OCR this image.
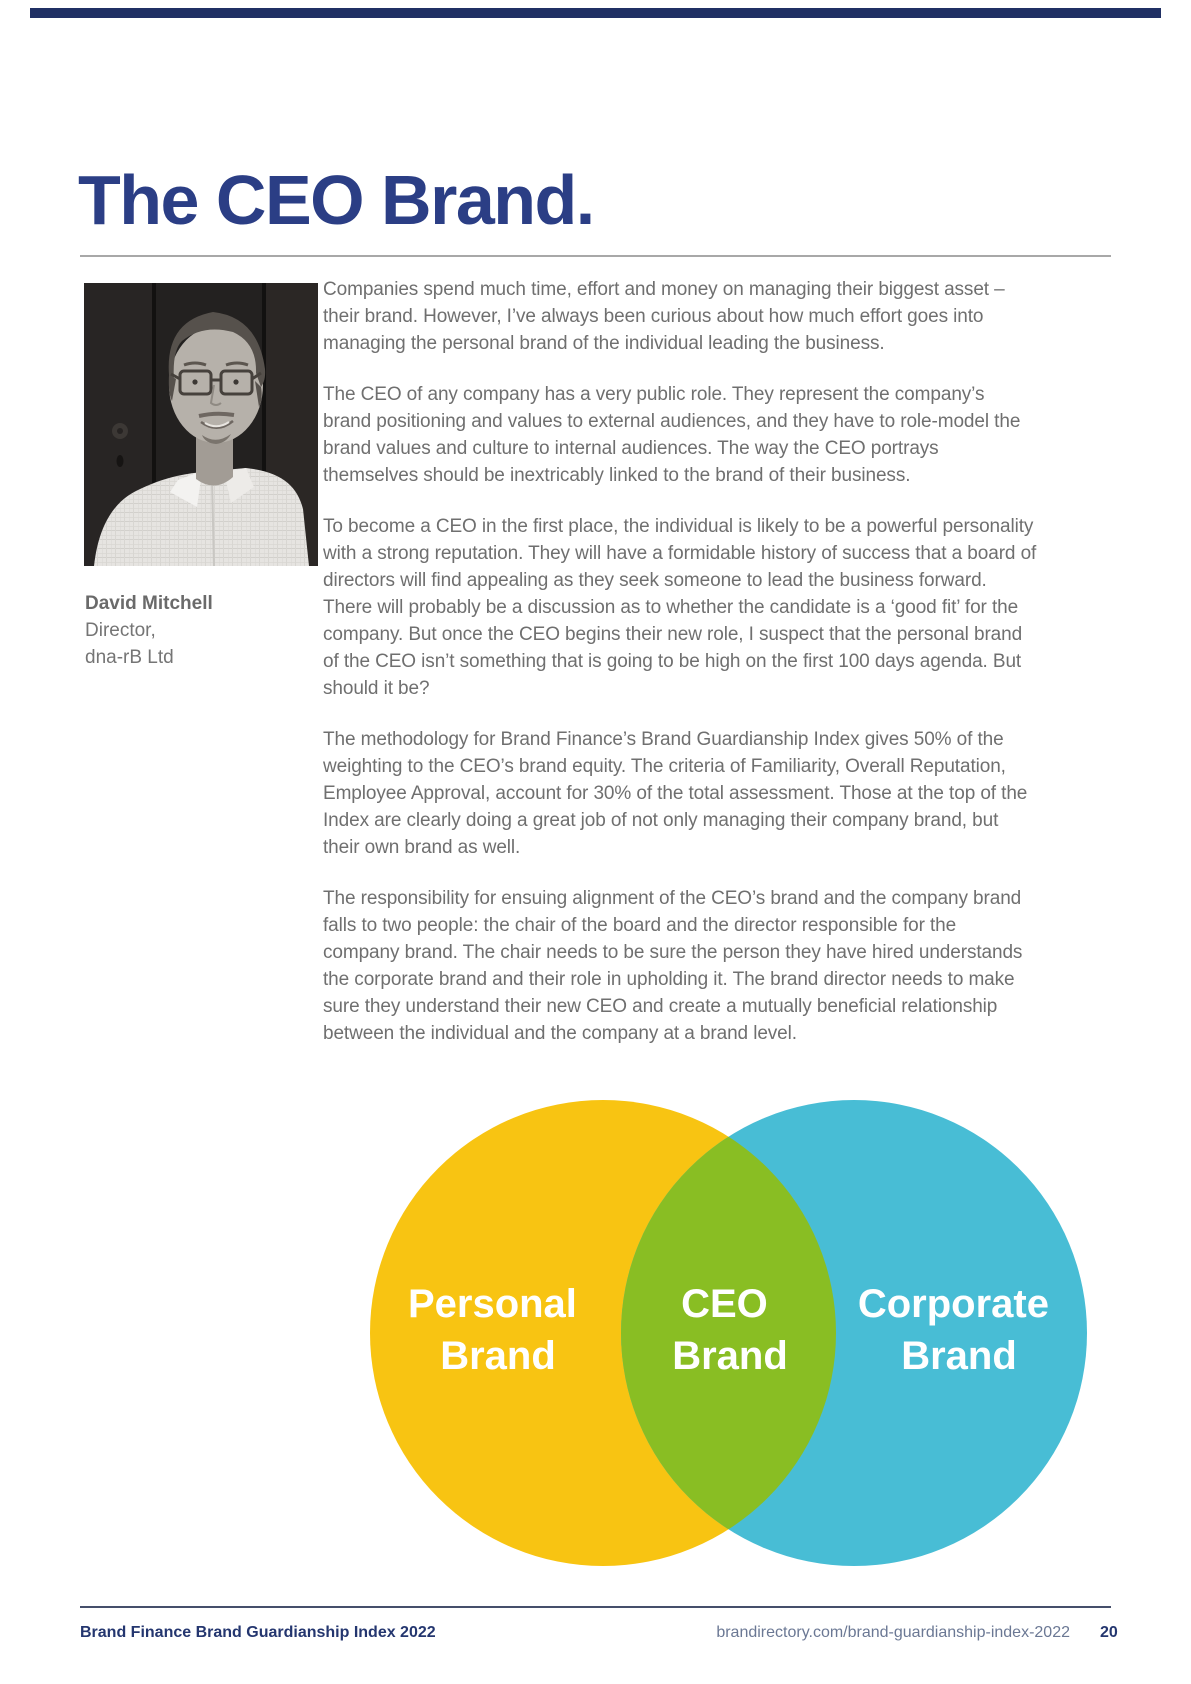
The CEO Brand.
David Mitchell
Director,
dna-rB Ltd

Companies spend much time, effort and money on managing their biggest asset – their brand. However, I’ve always been curious about how much effort goes into managing the personal brand of the individual leading the business.

The CEO of any company has a very public role. They represent the company’s brand positioning and values to external audiences, and they have to role-model the brand values and culture to internal audiences. The way the CEO portrays themselves should be inextricably linked to the brand of their business.

To become a CEO in the first place, the individual is likely to be a powerful personality with a strong reputation. They will have a formidable history of success that a board of directors will find appealing as they seek someone to lead the business forward. There will probably be a discussion as to whether the candidate is a ‘good fit’ for the company. But once the CEO begins their new role, I suspect that the personal brand of the CEO isn’t something that is going to be high on the first 100 days agenda. But should it be?

The methodology for Brand Finance’s Brand Guardianship Index gives 50% of the weighting to the CEO’s brand equity. The criteria of Familiarity, Overall Reputation, Employee Approval, account for 30% of the total assessment. Those at the top of the Index are clearly doing a great job of not only managing their company brand, but their own brand as well.

The responsibility for ensuing alignment of the CEO’s brand and the company brand falls to two people: the chair of the board and the director responsible for the company brand. The chair needs to be sure the person they have hired understands the corporate brand and their role in upholding it. The brand director needs to make sure they understand their new CEO and create a mutually beneficial relationship between the individual and the company at a brand level.

Personal Brand
CEO Brand
Corporate Brand
Brand Finance Brand Guardianship Index 2022	brandirectory.com/brand-guardianship-index-2022 20
